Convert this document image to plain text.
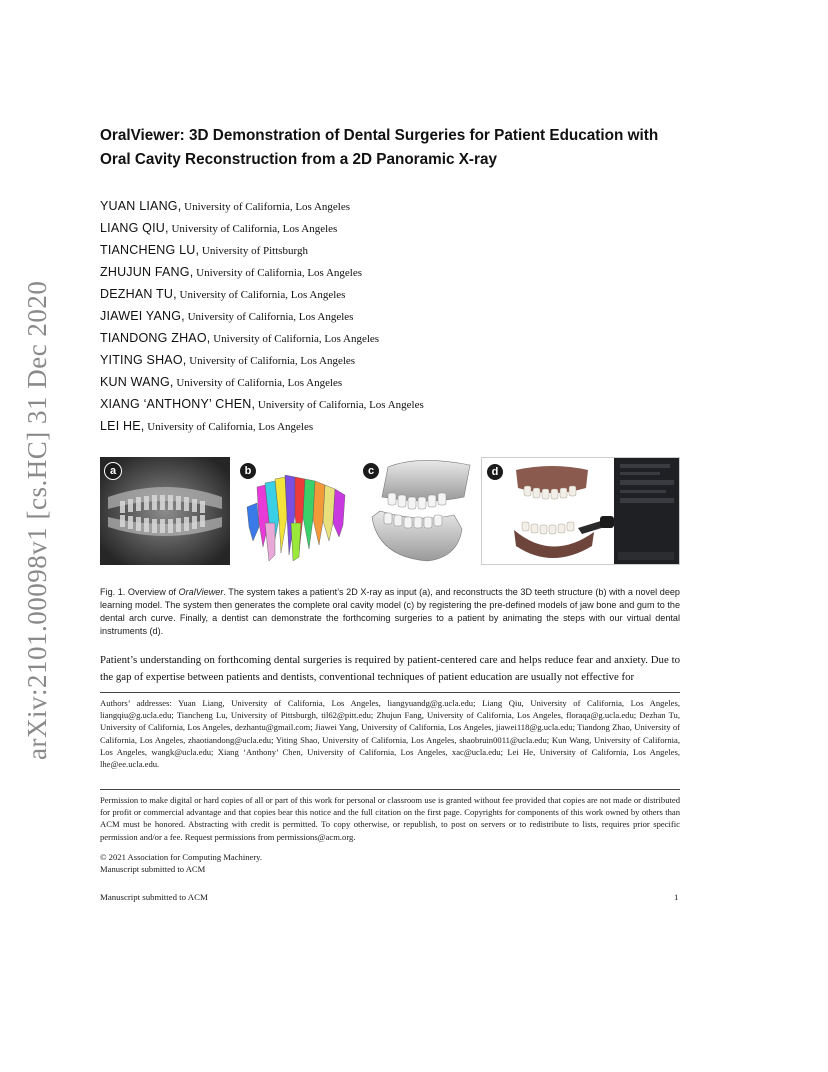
arXiv:2101.00098v1 [cs.HC] 31 Dec 2020
OralViewer: 3D Demonstration of Dental Surgeries for Patient Education with
Oral Cavity Reconstruction from a 2D Panoramic X-ray
YUAN LIANG, University of California, Los Angeles
LIANG QIU, University of California, Los Angeles
TIANCHENG LU, University of Pittsburgh
ZHUJUN FANG, University of California, Los Angeles
DEZHAN TU, University of California, Los Angeles
JIAWEI YANG, University of California, Los Angeles
TIANDONG ZHAO, University of California, Los Angeles
YITING SHAO, University of California, Los Angeles
KUN WANG, University of California, Los Angeles
XIANG ‘ANTHONY’ CHEN, University of California, Los Angeles
LEI HE, University of California, Los Angeles
a	b	c	d
Fig. 1. Overview of OralViewer. The system takes a patient’s 2D X-ray as input (a), and reconstructs the 3D teeth structure (b) with a novel deep learning model. The system then generates the complete oral cavity model (c) by registering the pre-defined models of jaw bone and gum to the dental arch curve. Finally, a dentist can demonstrate the forthcoming surgeries to a patient by animating the steps with our virtual dental instruments (d).
Patient’s understanding on forthcoming dental surgeries is required by patient-centered care and helps reduce fear and anxiety. Due to the gap of expertise between patients and dentists, conventional techniques of patient education are usually not effective for
Authors’ addresses: Yuan Liang, University of California, Los Angeles, liangyuandg@g.ucla.edu; Liang Qiu, University of California, Los Angeles, liangqiu@g.ucla.edu; Tiancheng Lu, University of Pittsburgh, til62@pitt.edu; Zhujun Fang, University of California, Los Angeles, floraqa@g.ucla.edu; Dezhan Tu, University of California, Los Angeles, dezhantu@gmail.com; Jiawei Yang, University of California, Los Angeles, jiawei118@g.ucla.edu; Tiandong Zhao, University of California, Los Angeles, zhaotiandong@ucla.edu; Yiting Shao, University of California, Los Angeles, shaobruin0011@ucla.edu; Kun Wang, University of California, Los Angeles, wangk@ucla.edu; Xiang ‘Anthony’ Chen, University of California, Los Angeles, xac@ucla.edu; Lei He, University of California, Los Angeles, lhe@ee.ucla.edu.
Permission to make digital or hard copies of all or part of this work for personal or classroom use is granted without fee provided that copies are not made or distributed for profit or commercial advantage and that copies bear this notice and the full citation on the first page. Copyrights for components of this work owned by others than ACM must be honored. Abstracting with credit is permitted. To copy otherwise, or republish, to post on servers or to redistribute to lists, requires prior specific permission and/or a fee. Request permissions from permissions@acm.org.
© 2021 Association for Computing Machinery.
Manuscript submitted to ACM
Manuscript submitted to ACM	1
